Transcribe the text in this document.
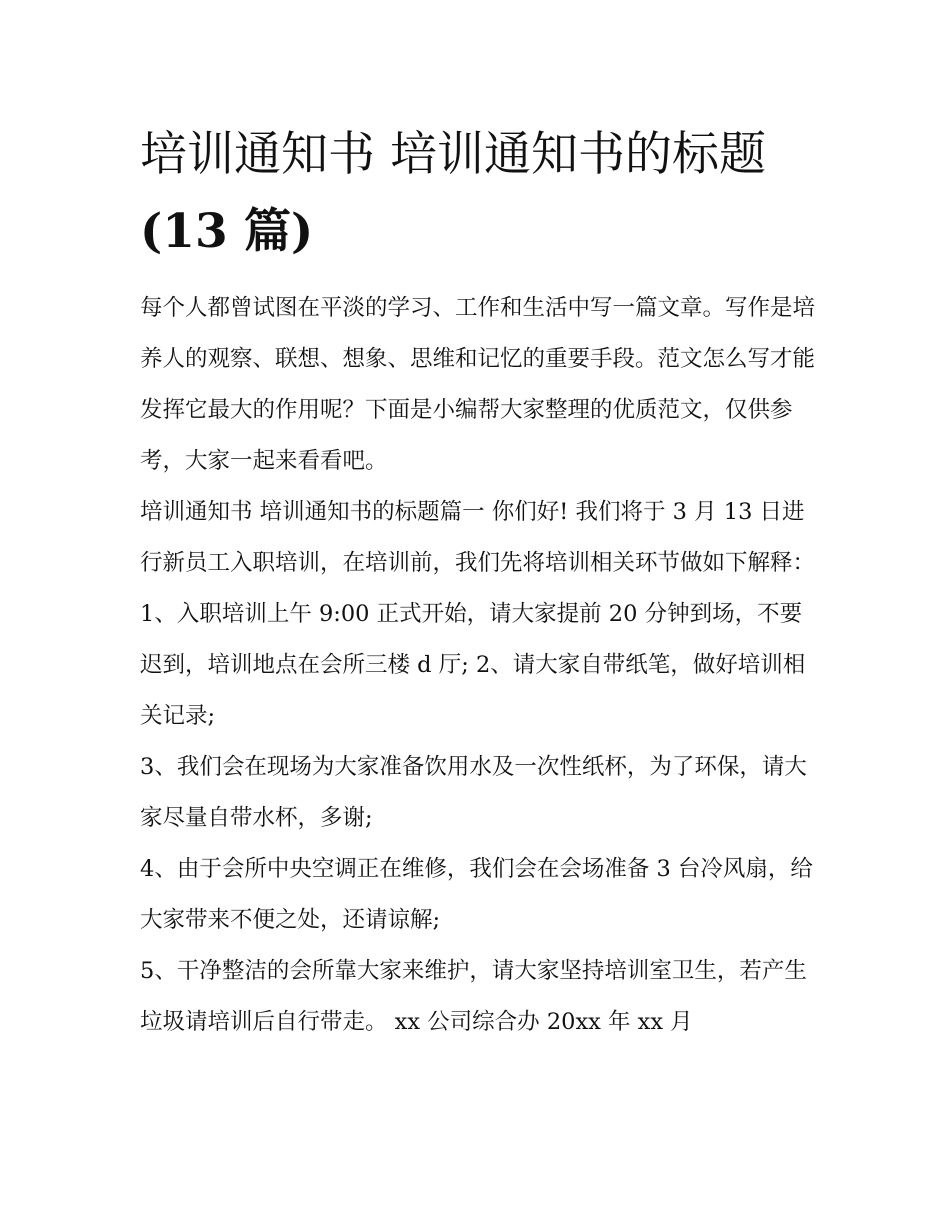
培训通知书 培训通知书的标题
(13 篇)

每个人都曾试图在平淡的学习、工作和生活中写一篇文章。写作是培养人的观察、联想、想象、思维和记忆的重要手段。范文怎么写才能发挥它最大的作用呢？下面是小编帮大家整理的优质范文，仅供参考，大家一起来看看吧。

培训通知书 培训通知书的标题篇一 你们好! 我们将于 3 月 13 日进行新员工入职培训，在培训前，我们先将培训相关环节做如下解释：

1、入职培训上午 9:00 正式开始，请大家提前 20 分钟到场，不要迟到，培训地点在会所三楼 d 厅; 2、请大家自带纸笔，做好培训相关记录;

3、我们会在现场为大家准备饮用水及一次性纸杯，为了环保，请大家尽量自带水杯，多谢;

4、由于会所中央空调正在维修，我们会在会场准备 3 台冷风扇，给大家带来不便之处，还请谅解;

5、干净整洁的会所靠大家来维护，请大家坚持培训室卫生，若产生垃圾请培训后自行带走。 xx 公司综合办 20xx 年 xx 月
